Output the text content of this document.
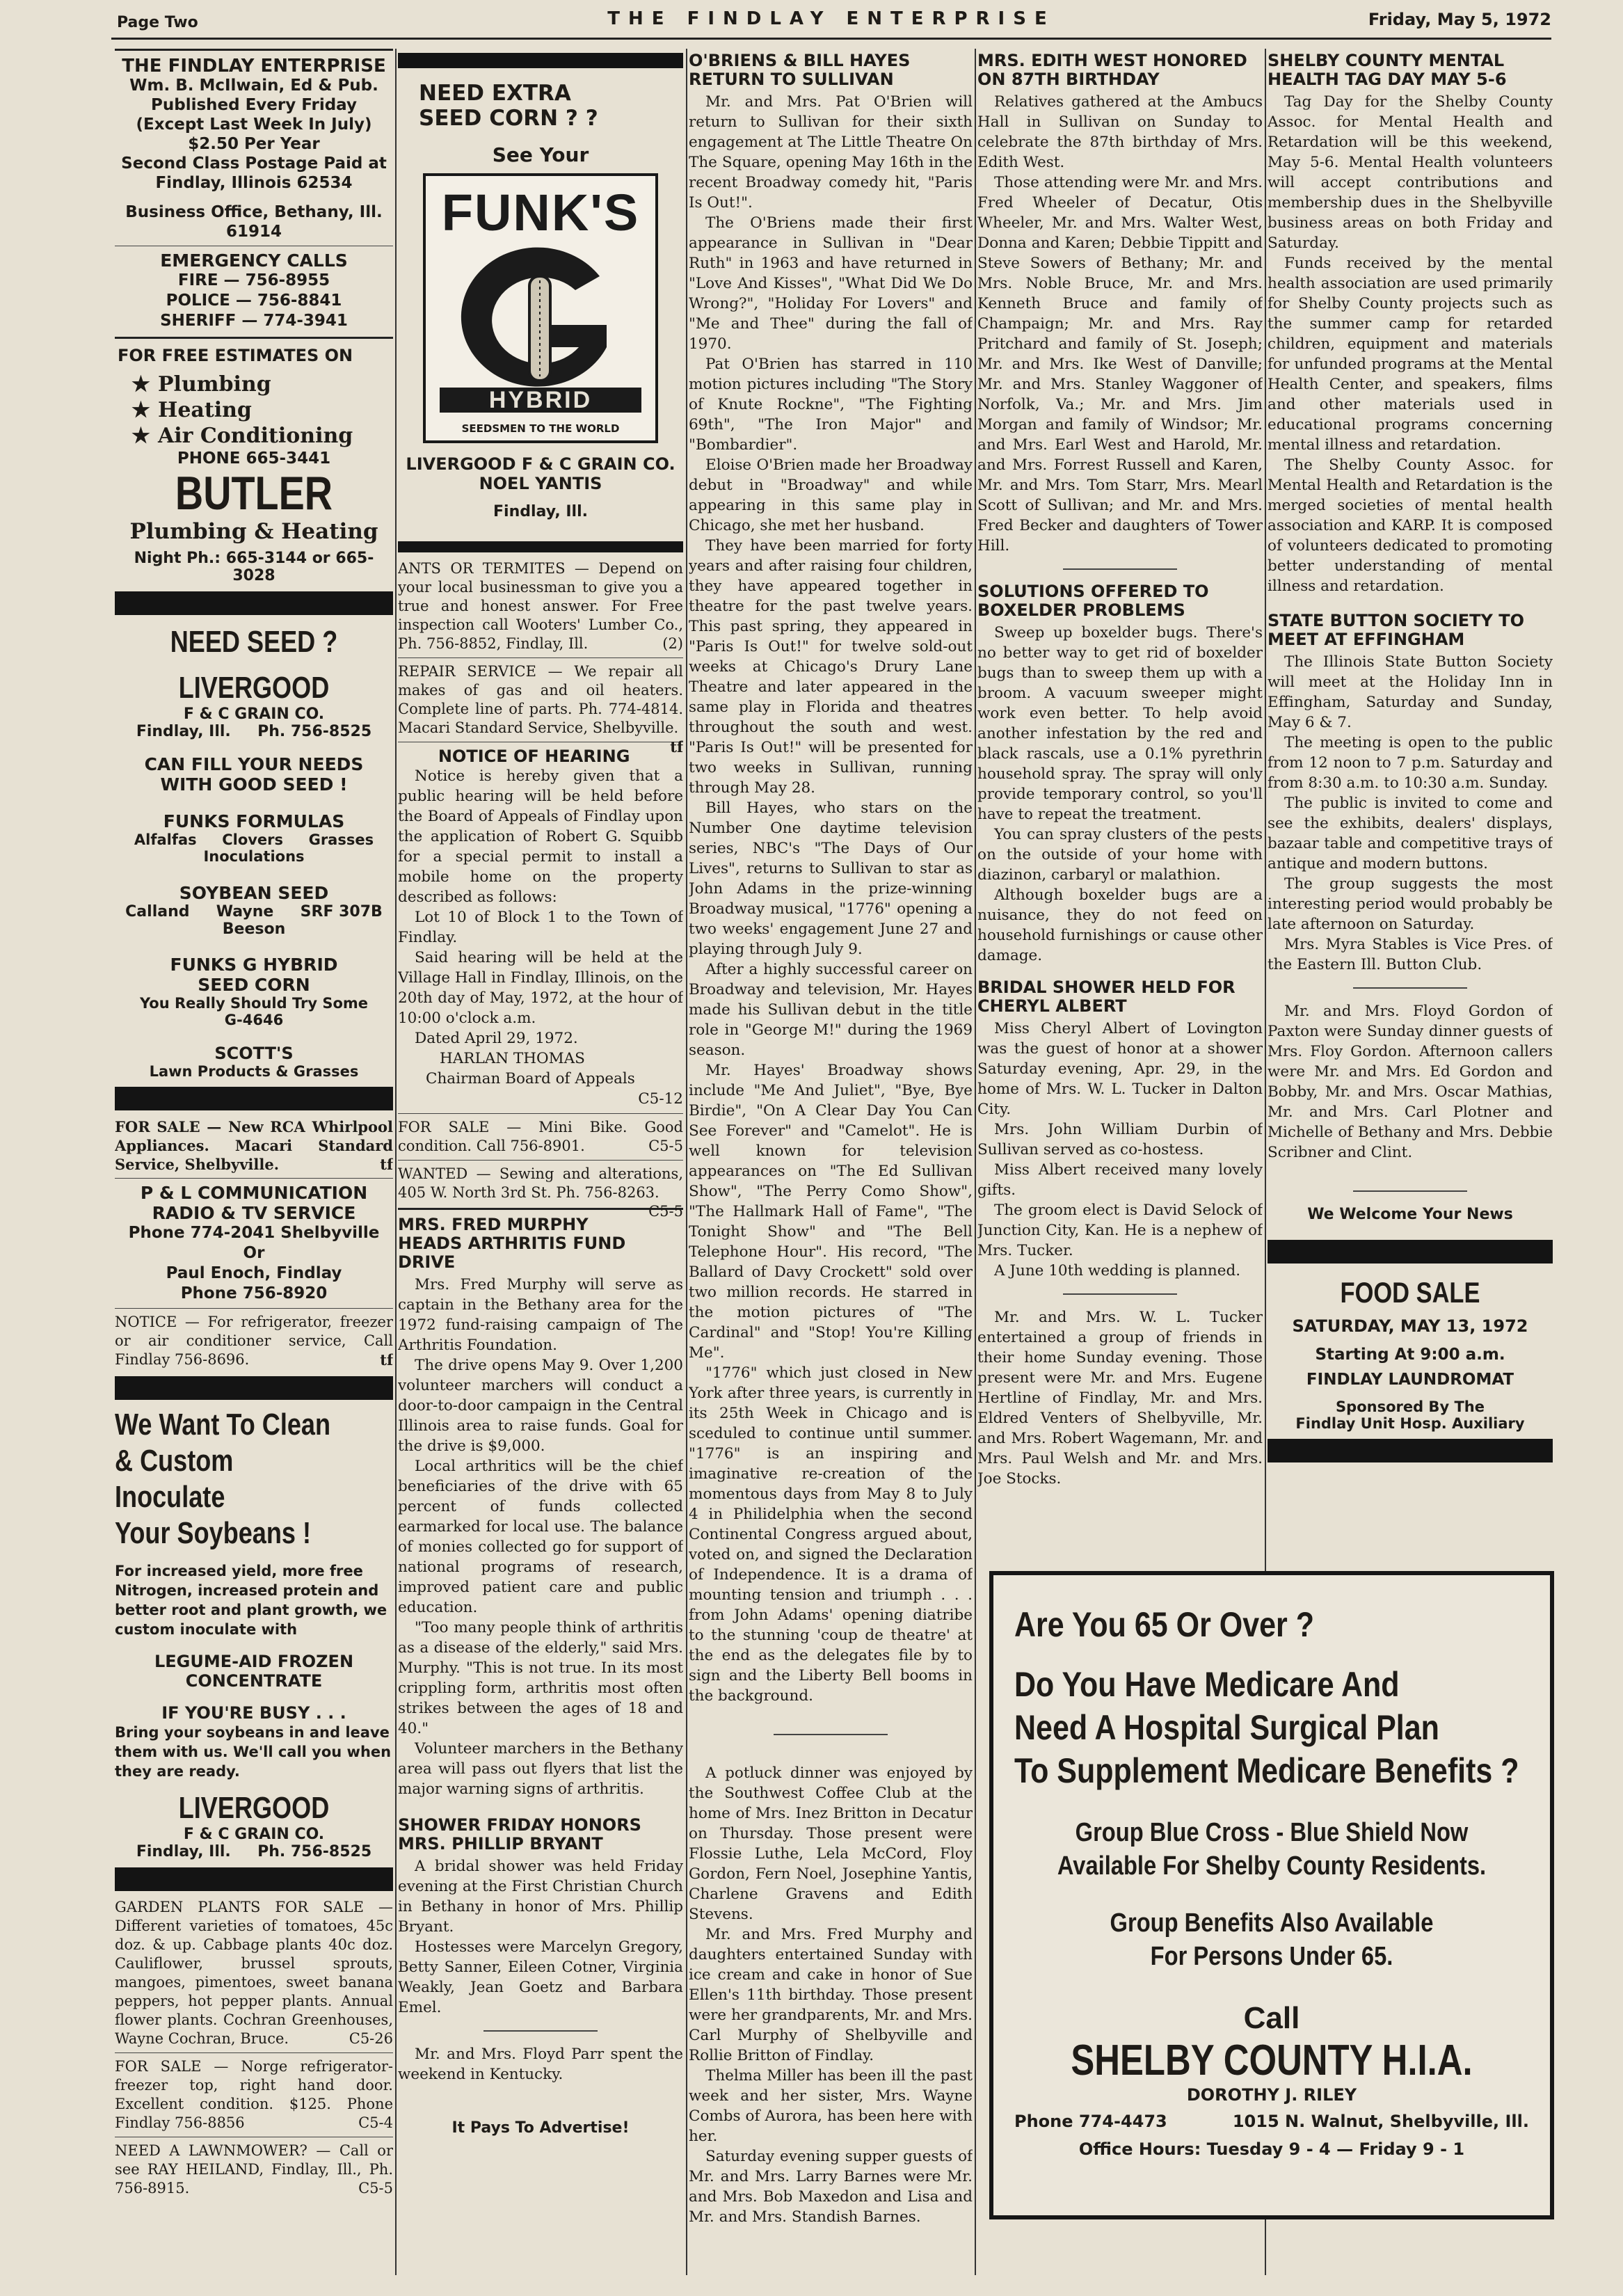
Page Two	THE FINDLAY ENTERPRISE	Friday, May 5, 1972
THE FINDLAY ENTERPRISE
Wm. B. McIlwain, Ed & Pub.
Published Every Friday
(Except Last Week In July)
$2.50 Per Year
Second Class Postage Paid at
Findlay, Illinois 62534
Business Office, Bethany, Ill. 61914
EMERGENCY CALLS
FIRE — 756-8955
POLICE — 756-8841
SHERIFF — 774-3941
FOR FREE ESTIMATES ON
★ Plumbing
★ Heating
★ Air Conditioning
PHONE 665-3441
BUTLER
Plumbing & Heating
Night Ph.: 665-3144 or 665-3028
NEED SEED ?
LIVERGOOD
F & C GRAIN CO.
Findlay, Ill.     Ph. 756-8525
CAN FILL YOUR NEEDS
WITH GOOD SEED !
FUNKS FORMULAS
Alfalfas     Clovers     Grasses
Inoculations
SOYBEAN SEED
Calland     Wayne     SRF 307B
Beeson
FUNKS G HYBRID
SEED CORN
You Really Should Try Some
G-4646
SCOTT'S
Lawn Products & Grasses
FOR SALE — New RCA Whirlpool Appliances. Macari Standard Service, Shelbyville.	tf
P & L COMMUNICATION
RADIO & TV SERVICE
Phone 774-2041 Shelbyville
Or
Paul Enoch, Findlay
Phone 756-8920
NOTICE — For refrigerator, freezer or air conditioner service, Call Findlay 756-8696.	tf
We Want To Clean
& Custom Inoculate
Your Soybeans !
For increased yield, more free Nitrogen, increased protein and better root and plant growth, we custom inoculate with
LEGUME-AID FROZEN
CONCENTRATE
IF YOU'RE BUSY . . .
Bring your soybeans in and leave them with us. We'll call you when they are ready.
LIVERGOOD
F & C GRAIN CO.
Findlay, Ill.     Ph. 756-8525
GARDEN PLANTS FOR SALE — Different varieties of tomatoes, 45c doz. & up. Cabbage plants 40c doz. Cauliflower, brussel sprouts, mangoes, pimentoes, sweet banana peppers, hot pepper plants. Annual flower plants. Cochran Greenhouses, Wayne Cochran, Bruce.	C5-26
FOR SALE — Norge refrigerator-freezer top, right hand door. Excellent condition. $125. Phone Findlay 756-8856	C5-4
NEED A LAWNMOWER? — Call or see RAY HEILAND, Findlay, Ill., Ph. 756-8915.	C5-5
NEED EXTRA
SEED CORN ? ?
See Your
FUNK'S
HYBRID
SEEDSMEN TO THE WORLD
LIVERGOOD F & C GRAIN CO.
NOEL YANTIS
Findlay, Ill.
ANTS OR TERMITES — Depend on your local businessman to give you a true and honest answer. For Free inspection call Wooters' Lumber Co., Ph. 756-8852, Findlay, Ill.	(2)
REPAIR SERVICE — We repair all makes of gas and oil heaters. Complete line of parts. Ph. 774-4814. Macari Standard Service, Shelbyville.
tf
NOTICE OF HEARING

Notice is hereby given that a public hearing will be held before the Board of Appeals of Findlay upon the application of Robert G. Squibb for a special permit to install a mobile home on the property described as follows:

Lot 10 of Block 1 to the Town of Findlay.

Said hearing will be held at the Village Hall in Findlay, Illinois, on the 20th day of May, 1972, at the hour of 10:00 o'clock a.m.

Dated April 29, 1972.

HARLAN THOMAS
Chairman Board of Appeals
C5-12
FOR SALE — Mini Bike. Good condition. Call 756-8901.	C5-5
WANTED — Sewing and alterations, 405 W. North 3rd St. Ph. 756-8263.
C5-5
MRS. FRED MURPHY HEADS ARTHRITIS FUND DRIVE

Mrs. Fred Murphy will serve as captain in the Bethany area for the 1972 fund-raising campaign of The Arthritis Foundation.

The drive opens May 9. Over 1,200 volunteer marchers will conduct a door-to-door campaign in the Central Illinois area to raise funds. Goal for the drive is $9,000.

Local arthritics will be the chief beneficiaries of the drive with 65 percent of funds collected earmarked for local use. The balance of monies collected go for support of national programs of research, improved patient care and public education.

"Too many people think of arthritis as a disease of the elderly," said Mrs. Murphy. "This is not true. In its most crippling form, arthritis most often strikes between the ages of 18 and 40."

Volunteer marchers in the Bethany area will pass out flyers that list the major warning signs of arthritis.

SHOWER FRIDAY HONORS MRS. PHILLIP BRYANT

A bridal shower was held Friday evening at the First Christian Church in Bethany in honor of Mrs. Phillip Bryant.

Hostesses were Marcelyn Gregory, Betty Sanner, Eileen Cotner, Virginia Weakly, Jean Goetz and Barbara Emel.

Mr. and Mrs. Floyd Parr spent the weekend in Kentucky.

It Pays To Advertise!
O'BRIENS & BILL HAYES RETURN TO SULLIVAN

Mr. and Mrs. Pat O'Brien will return to Sullivan for their sixth engagement at The Little Theatre On The Square, opening May 16th in the recent Broadway comedy hit, "Paris Is Out!".

The O'Briens made their first appearance in Sullivan in "Dear Ruth" in 1963 and have returned in "Love And Kisses", "What Did We Do Wrong?", "Holiday For Lovers" and "Me and Thee" during the fall of 1970.

Pat O'Brien has starred in 110 motion pictures including "The Story of Knute Rockne", "The Fighting 69th", "The Iron Major" and "Bombardier".

Eloise O'Brien made her Broadway debut in "Broadway" and while appearing in this same play in Chicago, she met her husband.

They have been married for forty years and after raising four children, they have appeared together in theatre for the past twelve years. This past spring, they appeared in "Paris Is Out!" for twelve sold-out weeks at Chicago's Drury Lane Theatre and later appeared in the same play in Florida and theatres throughout the south and west. "Paris Is Out!" will be presented for two weeks in Sullivan, running through May 28.

Bill Hayes, who stars on the Number One daytime television series, NBC's "The Days of Our Lives", returns to Sullivan to star as John Adams in the prize-winning Broadway musical, "1776" opening a two weeks' engagement June 27 and playing through July 9.

After a highly successful career on Broadway and television, Mr. Hayes made his Sullivan debut in the title role in "George M!" during the 1969 season.

Mr. Hayes' Broadway shows include "Me And Juliet", "Bye, Bye Birdie", "On A Clear Day You Can See Forever" and "Camelot". He is well known for television appearances on "The Ed Sullivan Show", "The Perry Como Show", "The Hallmark Hall of Fame", "The Tonight Show" and "The Bell Telephone Hour". His record, "The Ballard of Davy Crockett" sold over two million records. He starred in the motion pictures of "The Cardinal" and "Stop! You're Killing Me".

"1776" which just closed in New York after three years, is currently in its 25th Week in Chicago and is sceduled to continue until summer. "1776" is an inspiring and imaginative re-creation of the momentous days from May 8 to July 4 in Philidelphia when the second Continental Congress argued about, voted on, and signed the Declaration of Independence. It is a drama of mounting tension and triumph . . . from John Adams' opening diatribe to the stunning 'coup de theatre' at the end as the delegates file by to sign and the Liberty Bell booms in the background.

A potluck dinner was enjoyed by the Southwest Coffee Club at the home of Mrs. Inez Britton in Decatur on Thursday. Those present were Flossie Luthe, Lela McCord, Floy Gordon, Fern Noel, Josephine Yantis, Charlene Gravens and Edith Stevens.

Mr. and Mrs. Fred Murphy and daughters entertained Sunday with ice cream and cake in honor of Sue Ellen's 11th birthday. Those present were her grandparents, Mr. and Mrs. Carl Murphy of Shelbyville and Rollie Britton of Findlay.

Thelma Miller has been ill the past week and her sister, Mrs. Wayne Combs of Aurora, has been here with her.

Saturday evening supper guests of Mr. and Mrs. Larry Barnes were Mr. and Mrs. Bob Maxedon and Lisa and Mr. and Mrs. Standish Barnes.

MRS. EDITH WEST HONORED ON 87TH BIRTHDAY

Relatives gathered at the Ambucs Hall in Sullivan on Sunday to celebrate the 87th birthday of Mrs. Edith West.

Those attending were Mr. and Mrs. Fred Wheeler of Decatur, Otis Wheeler, Mr. and Mrs. Walter West, Donna and Karen; Debbie Tippitt and Steve Sowers of Bethany; Mr. and Mrs. Noble Bruce, Mr. and Mrs. Kenneth Bruce and family of Champaign; Mr. and Mrs. Ray Pritchard and family of St. Joseph; Mr. and Mrs. Ike West of Danville; Mr. and Mrs. Stanley Waggoner of Norfolk, Va.; Mr. and Mrs. Jim Morgan and family of Windsor; Mr. and Mrs. Earl West and Harold, Mr. and Mrs. Forrest Russell and Karen, Mr. and Mrs. Tom Starr, Mrs. Mearl Scott of Sullivan; and Mr. and Mrs. Fred Becker and daughters of Tower Hill.

SOLUTIONS OFFERED TO BOXELDER PROBLEMS

Sweep up boxelder bugs. There's no better way to get rid of boxelder bugs than to sweep them up with a broom. A vacuum sweeper might work even better. To help avoid another infestation by the red and black rascals, use a 0.1% pyrethrin household spray. The spray will only provide temporary control, so you'll have to repeat the treatment.

You can spray clusters of the pests on the outside of your home with diazinon, carbaryl or malathion.

Although boxelder bugs are a nuisance, they do not feed on household furnishings or cause other damage.

BRIDAL SHOWER HELD FOR CHERYL ALBERT

Miss Cheryl Albert of Lovington was the guest of honor at a shower Saturday evening, Apr. 29, in the home of Mrs. W. L. Tucker in Dalton City.

Mrs. John William Durbin of Sullivan served as co-hostess.

Miss Albert received many lovely gifts.

The groom elect is David Selock of Junction City, Kan. He is a nephew of Mrs. Tucker.

A June 10th wedding is planned.

Mr. and Mrs. W. L. Tucker entertained a group of friends in their home Sunday evening. Those present were Mr. and Mrs. Eugene Hertline of Findlay, Mr. and Mrs. Eldred Venters of Shelbyville, Mr. and Mrs. Robert Wagemann, Mr. and Mrs. Paul Welsh and Mr. and Mrs. Joe Stocks.

SHELBY COUNTY MENTAL HEALTH TAG DAY MAY 5-6

Tag Day for the Shelby County Assoc. for Mental Health and Retardation will be this weekend, May 5-6. Mental Health volunteers will accept contributions and membership dues in the Shelbyville business areas on both Friday and Saturday.

Funds received by the mental health association are used primarily for Shelby County projects such as the summer camp for retarded children, equipment and materials for unfunded programs at the Mental Health Center, and speakers, films and other materials used in educational programs concerning mental illness and retardation.

The Shelby County Assoc. for Mental Health and Retardation is the merged societies of mental health association and KARP. It is composed of volunteers dedicated to promoting better understanding of mental illness and retardation.

STATE BUTTON SOCIETY TO MEET AT EFFINGHAM

The Illinois State Button Society will meet at the Holiday Inn in Effingham, Saturday and Sunday, May 6 & 7.

The meeting is open to the public from 12 noon to 7 p.m. Saturday and from 8:30 a.m. to 10:30 a.m. Sunday.

The public is invited to come and see the exhibits, dealers' displays, bazaar table and competitive trays of antique and modern buttons.

The group suggests the most interesting period would probably be late afternoon on Saturday.

Mrs. Myra Stables is Vice Pres. of the Eastern Ill. Button Club.

Mr. and Mrs. Floyd Gordon of Paxton were Sunday dinner guests of Mrs. Floy Gordon. Afternoon callers were Mr. and Mrs. Ed Gordon and Bobby, Mr. and Mrs. Oscar Mathias, Mr. and Mrs. Carl Plotner and Michelle of Bethany and Mrs. Debbie Scribner and Clint.

We Welcome Your News
FOOD SALE
SATURDAY, MAY 13, 1972
Starting At 9:00 a.m.
FINDLAY LAUNDROMAT
Sponsored By The
Findlay Unit Hosp. Auxiliary
Are You 65 Or Over ?
Do You Have Medicare And
Need A Hospital Surgical Plan
To Supplement Medicare Benefits ?
Group Blue Cross - Blue Shield Now
Available For Shelby County Residents.
Group Benefits Also Available
For Persons Under 65.
Call
SHELBY COUNTY H.I.A.
DOROTHY J. RILEY
Phone 774-4473	1015 N. Walnut, Shelbyville, Ill.
Office Hours: Tuesday 9 - 4 — Friday 9 - 1
